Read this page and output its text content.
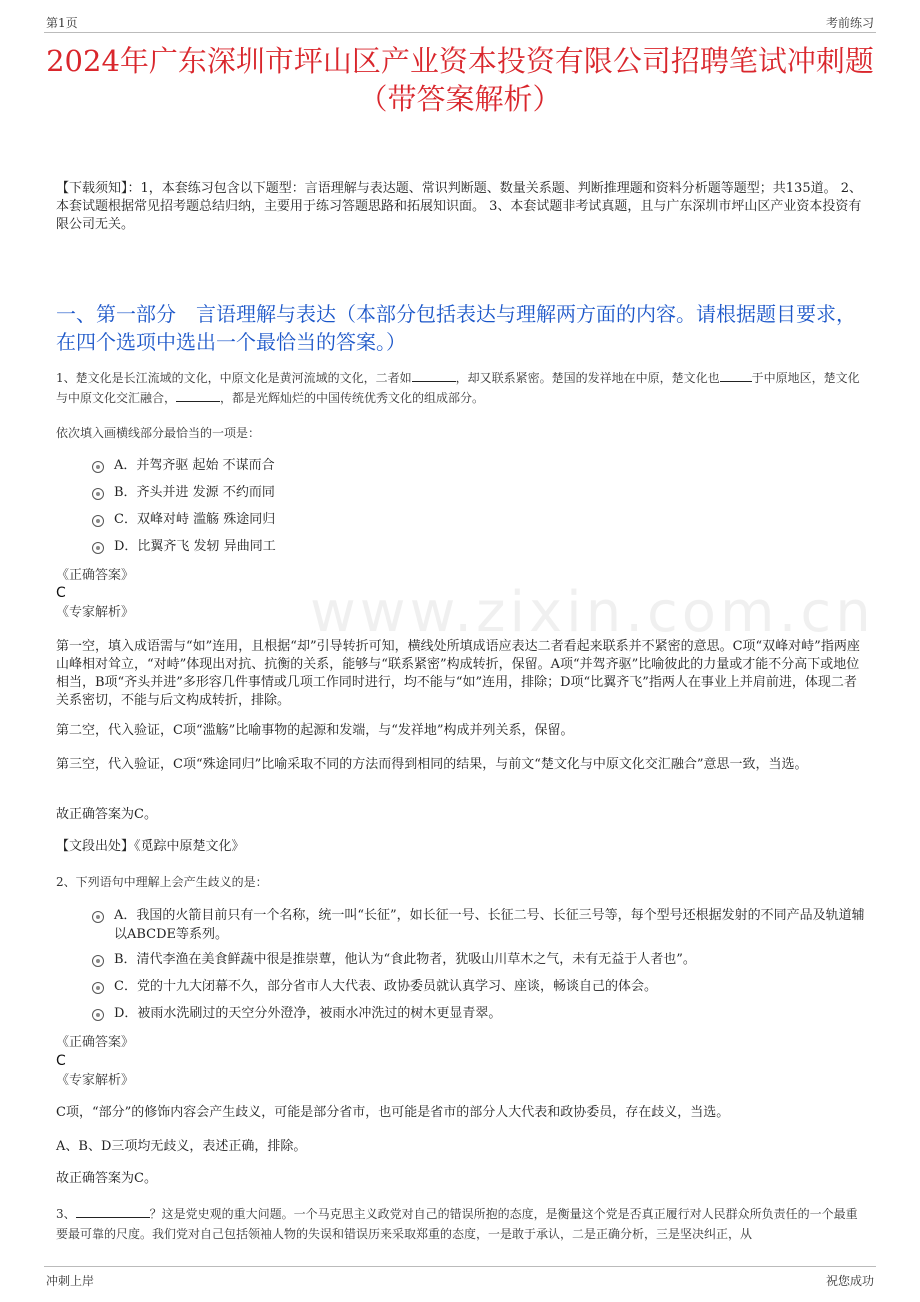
第1页	考前练习
2024年广东深圳市坪山区产业资本投资有限公司招聘笔试冲刺题（带答案解析）
【下载须知】：1，本套练习包含以下题型：言语理解与表达题、常识判断题、数量关系题、判断推理题和资料分析题等题型；共135道。 2、本套试题根据常见招考题总结归纳，主要用于练习答题思路和拓展知识面。 3、本套试题非考试真题，且与广东深圳市坪山区产业资本投资有限公司无关。
一、第一部分　言语理解与表达（本部分包括表达与理解两方面的内容。请根据题目要求，在四个选项中选出一个最恰当的答案。）
www.zixin.com.cn
1、楚文化是长江流域的文化，中原文化是黄河流域的文化，二者如	，却又联系紧密。楚国的发祥地在中原，楚文化也	于中原地区，楚文化与中原文化交汇融合，	，都是光辉灿烂的中国传统优秀文化的组成部分。
依次填入画横线部分最恰当的一项是：
A．并驾齐驱 起始 不谋而合
B．齐头并进 发源 不约而同
C．双峰对峙 滥觞 殊途同归
D．比翼齐飞 发轫 异曲同工
《正确答案》
C
《专家解析》
第一空，填入成语需与“如”连用，且根据“却”引导转折可知，横线处所填成语应表达二者看起来联系并不紧密的意思。C项“双峰对峙”指两座山峰相对耸立，“对峙”体现出对抗、抗衡的关系，能够与“联系紧密”构成转折，保留。A项“并驾齐驱”比喻彼此的力量或才能不分高下或地位相当，B项“齐头并进”多形容几件事情或几项工作同时进行，均不能与“如”连用，排除；D项“比翼齐飞”指两人在事业上并肩前进，体现二者关系密切，不能与后文构成转折，排除。
第二空，代入验证，C项“滥觞”比喻事物的起源和发端，与“发祥地”构成并列关系，保留。
第三空，代入验证，C项“殊途同归”比喻采取不同的方法而得到相同的结果，与前文“楚文化与中原文化交汇融合”意思一致，当选。
故正确答案为C。
【文段出处】《觅踪中原楚文化》
2、下列语句中理解上会产生歧义的是：
A．我国的火箭目前只有一个名称，统一叫“长征”，如长征一号、长征二号、长征三号等，每个型号还根据发射的不同产品及轨道辅以ABCDE等系列。
B．清代李渔在美食鲜蔬中很是推崇蕈，他认为“食此物者，犹吸山川草木之气，未有无益于人者也”。
C．党的十九大闭幕不久，部分省市人大代表、政协委员就认真学习、座谈，畅谈自己的体会。
D．被雨水洗刷过的天空分外澄净，被雨水冲洗过的树木更显青翠。
《正确答案》
C
《专家解析》
C项，“部分”的修饰内容会产生歧义，可能是部分省市，也可能是省市的部分人大代表和政协委员，存在歧义，当选。
A、B、D三项均无歧义，表述正确，排除。
故正确答案为C。
3、	？这是党史观的重大问题。一个马克思主义政党对自己的错误所抱的态度，是衡量这个党是否真正履行对人民群众所负责任的一个最重要最可靠的尺度。我们党对自己包括领袖人物的失误和错误历来采取郑重的态度，一是敢于承认，二是正确分析，三是坚决纠正，从
冲刺上岸	祝您成功
